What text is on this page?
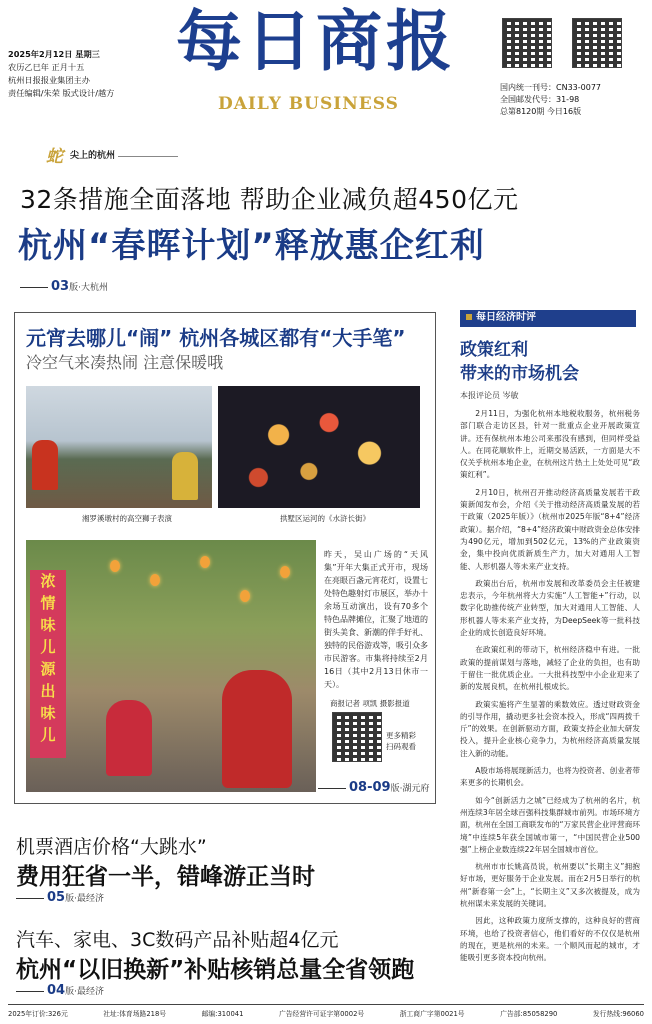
2025年2月12日 星期三
农历乙巳年 正月十五
杭州日报报业集团主办
责任编辑/朱荣 版式设计/越方
每日商报
DAILY BUSINESS
国内统一刊号：CN33-0077
全国邮发代号：31-98
总第8120期 今日16版
蛇 尖上的杭州
32条措施全面落地 帮助企业减负超450亿元
杭州“春晖计划”释放惠企红利
03版·大杭州
元宵去哪儿“闹” 杭州各城区都有“大手笔”
冷空气来凑热闹 注意保暖哦
湘罗溪墩村的高空狮子表演	拱墅区运河的《水浒长街》
浓
情
味
儿
源
出
味
儿
昨天，吴山广场的“天风集”开年大集正式开市，现场在亮眼百盏元宵花灯，设置七处特色趣射灯市展区，举办十余场互动演出，设有70多个特色品牌摊位，汇聚了地道的街头美食、新潮的伴手好礼、独特的民俗游戏等，吸引众多市民游客。市集将持续至2月16日（其中2月13日休市一天）。
商报记者 项凯 摄影报道
更多精彩
扫码观看
08-09版·湖元府
每日经济时评
政策红利
带来的市场机会
本报评论员 岑敏

2月11日，为强化杭州本地税收服务，杭州税务部门联合走访区县，针对一批重点企业开展政策宣讲。还有保杭州本地公司来那没有感到，但同样受益人。在同花顺软件上，近期交易活跃，一方面是大不仅关乎杭州本地企业，在杭州这片热土上处处可见“政策红利”。

2月10日，杭州召开推动经济高质量发展若干政策新闻发布会，介绍《关于推动经济高质量发展的若干政策（2025年版）》（杭州市2025年版“8+4”经济政策）。据介绍，“8+4”经济政策中财政资金总体安排为490亿元，增加到502亿元，13%的产业政策资金，集中投向优质新质生产力，加大对通用人工智能、人形机器人等未来产业支持。

政策出台后，杭州市发展和改革委员会主任被建忠表示，今年杭州将大力实施“人工智能+”行动，以数字化助推传统产业转型，加大对通用人工智能、人形机器人等未来产业支持，为DeepSeek等一批科技企业的成长创造良好环境。

在政策红利的带动下，杭州经济稳中有进。一批政策的提前谋划与落地，减轻了企业的负担，也有助于留住一批优质企业。一大批科技型中小企业迎来了新的发展良机，在杭州扎根成长。

政策实施将产生显著的乘数效应。透过财政资金的引导作用，撬动更多社会资本投入，形成“四两拨千斤”的效果。在创新驱动方面，政策支持企业加大研发投入，提升企业核心竞争力，为杭州经济高质量发展注入新的动能。

A股市场将展现新活力，也将为投资者、创业者带来更多的长期机会。

如今“创新活力之城”已经成为了杭州的名片，杭州连续3年居全球百强科技集群城市前列。市场环境方面，杭州在全国工商联发布的“万家民营企业评营商环境”中连续5年获全国城市第一，“中国民营企业500强”上榜企业数连续22年居全国城市首位。

杭州市市长姚高员说，杭州要以“长期主义”拥抱好市场，更好服务于企业发展。而在2月5日举行的杭州“新春第一会”上，“长期主义”又多次被提及，成为杭州谋未来发展的关键词。

因此，这种政策力度所支撑的，这种良好的营商环境，也给了投资者信心，他们看好的不仅仅是杭州的现在，更是杭州的未来。一个顺风而起的城市，才能吸引更多资本投向杭州。

机票酒店价格“大跳水”
费用狂省一半，错峰游正当时
05版·最经济
汽车、家电、3C数码产品补贴超4亿元
杭州“以旧换新”补贴核销总量全省领跑
04版·最经济
2025年订价:326元	社址:体育场路218号	邮编:310041	广告经营许可证字第0002号	浙工商广字第0021号	广告部:85058290	发行热线:96060
